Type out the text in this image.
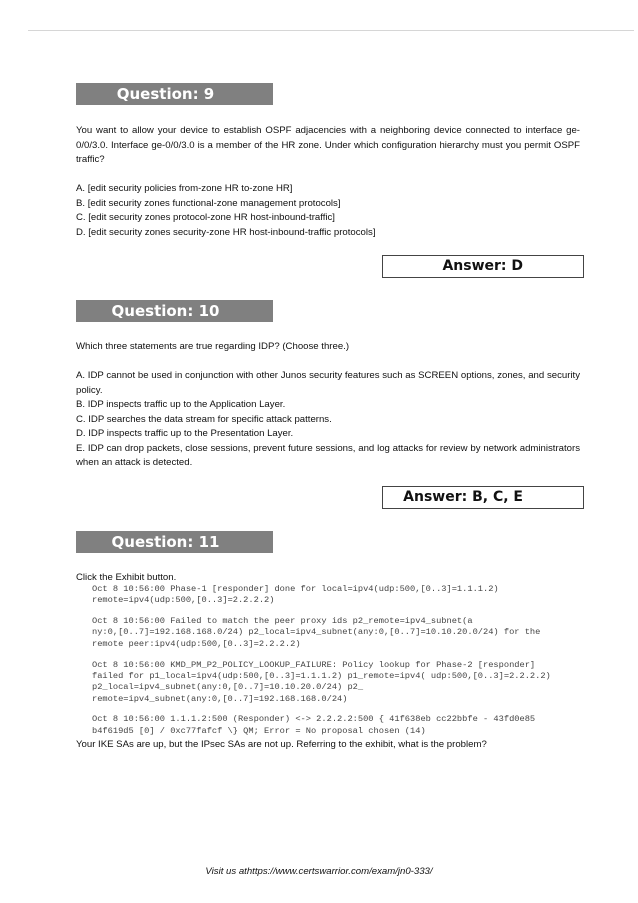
Question: 9

You want to allow your device to establish OSPF adjacencies with a neighboring device connected to interface ge-0/0/3.0. Interface ge-0/0/3.0 is a member of the HR zone. Under which configuration hierarchy must you permit OSPF traffic?

A. [edit security policies from-zone HR to-zone HR]

B. [edit security zones functional-zone management protocols]

C. [edit security zones protocol-zone HR host-inbound-traffic]

D. [edit security zones security-zone HR host-inbound-traffic protocols]

Answer: D
Question: 10

Which three statements are true regarding IDP? (Choose three.)

A. IDP cannot be used in conjunction with other Junos security features such as SCREEN options, zones, and security policy.

B. IDP inspects traffic up to the Application Layer.

C. IDP searches the data stream for specific attack patterns.

D. IDP inspects traffic up to the Presentation Layer.

E. IDP can drop packets, close sessions, prevent future sessions, and log attacks for review by network administrators when an attack is detected.

Answer: B, C, E
Question: 11

Click the Exhibit button.

Oct 8 10:56:00 Phase-1 [responder] done for local=ipv4(udp:500,[0..3]=1.1.1.2)
remote=ipv4(udp:500,[0..3]=2.2.2.2)
Oct 8 10:56:00 Failed to match the peer proxy ids p2_remote=ipv4_subnet(a
ny:0,[0..7]=192.168.168.0/24) p2_local=ipv4_subnet(any:0,[0..7]=10.10.20.0/24) for the
remote peer:ipv4(udp:500,[0..3]=2.2.2.2)
Oct 8 10:56:00 KMD_PM_P2_POLICY_LOOKUP_FAILURE: Policy lookup for Phase-2 [responder]
failed for p1_local=ipv4(udp:500,[0..3]=1.1.1.2) p1_remote=ipv4( udp:500,[0..3]=2.2.2.2)
p2_local=ipv4_subnet(any:0,[0..7]=10.10.20.0/24) p2_
remote=ipv4_subnet(any:0,[0..7]=192.168.168.0/24)
Oct 8 10:56:00 1.1.1.2:500 (Responder) <-> 2.2.2.2:500 { 41f638eb cc22bbfe - 43fd0e85
b4f619d5 [0] / 0xc77fafcf \} QM; Error = No proposal chosen (14)

Your IKE SAs are up, but the IPsec SAs are not up. Referring to the exhibit, what is the problem?

Visit us athttps://www.certswarrior.com/exam/jn0-333/
